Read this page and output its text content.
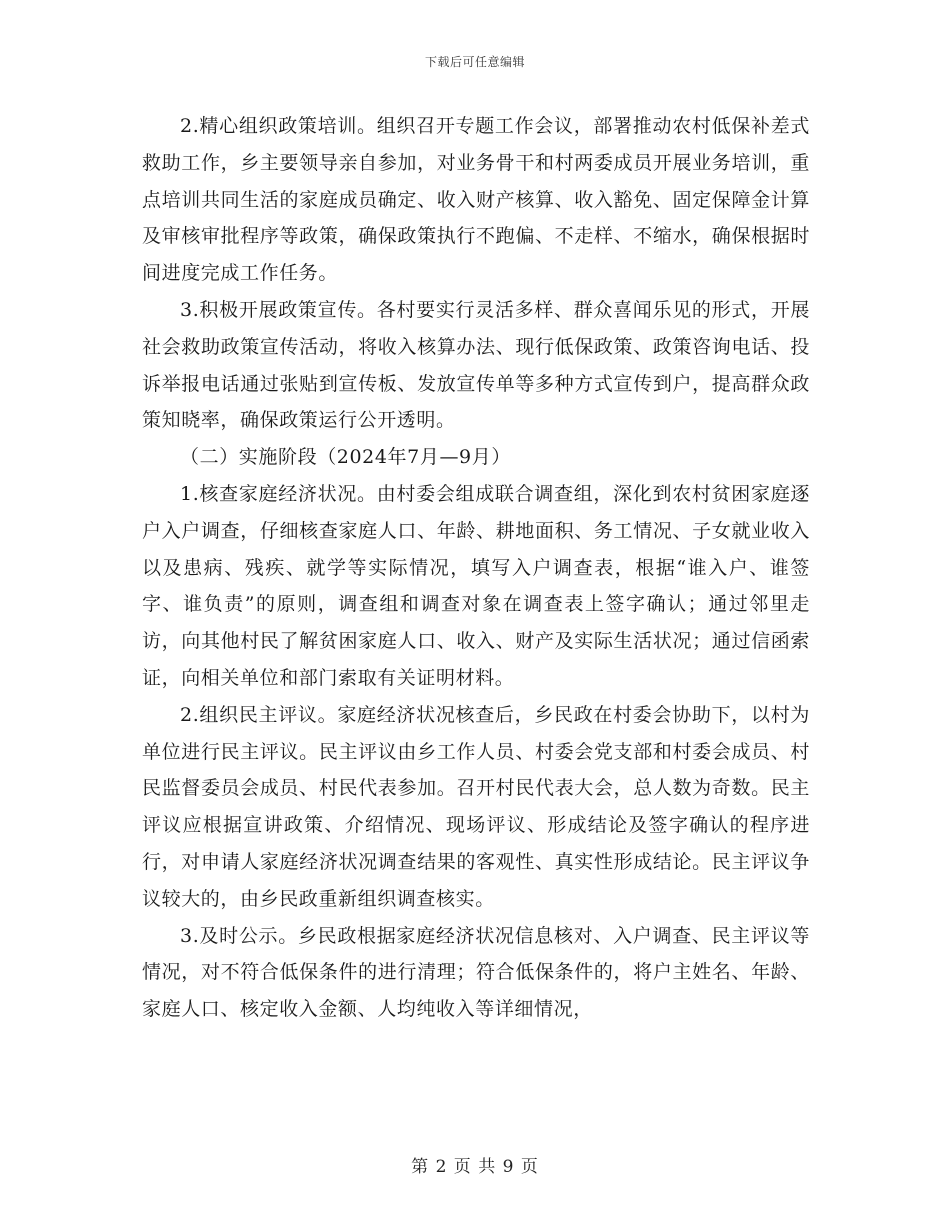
下载后可任意编辑

2.精心组织政策培训。组织召开专题工作会议，部署推动农村低保补差式救助工作，乡主要领导亲自参加，对业务骨干和村两委成员开展业务培训，重点培训共同生活的家庭成员确定、收入财产核算、收入豁免、固定保障金计算及审核审批程序等政策，确保政策执行不跑偏、不走样、不缩水，确保根据时间进度完成工作任务。

3.积极开展政策宣传。各村要实行灵活多样、群众喜闻乐见的形式，开展社会救助政策宣传活动，将收入核算办法、现行低保政策、政策咨询电话、投诉举报电话通过张贴到宣传板、发放宣传单等多种方式宣传到户，提高群众政策知晓率，确保政策运行公开透明。

（二）实施阶段（2024年7月—9月）

1.核查家庭经济状况。由村委会组成联合调查组，深化到农村贫困家庭逐户入户调查，仔细核查家庭人口、年龄、耕地面积、务工情况、子女就业收入以及患病、残疾、就学等实际情况，填写入户调查表，根据“谁入户、谁签字、谁负责”的原则，调查组和调查对象在调查表上签字确认；通过邻里走访，向其他村民了解贫困家庭人口、收入、财产及实际生活状况；通过信函索证，向相关单位和部门索取有关证明材料。

2.组织民主评议。家庭经济状况核查后，乡民政在村委会协助下，以村为单位进行民主评议。民主评议由乡工作人员、村委会党支部和村委会成员、村民监督委员会成员、村民代表参加。召开村民代表大会，总人数为奇数。民主评议应根据宣讲政策、介绍情况、现场评议、形成结论及签字确认的程序进行，对申请人家庭经济状况调查结果的客观性、真实性形成结论。民主评议争议较大的，由乡民政重新组织调查核实。

3.及时公示。乡民政根据家庭经济状况信息核对、入户调查、民主评议等情况，对不符合低保条件的进行清理；符合低保条件的，将户主姓名、年龄、家庭人口、核定收入金额、人均纯收入等详细情况，

第 2 页 共 9 页
